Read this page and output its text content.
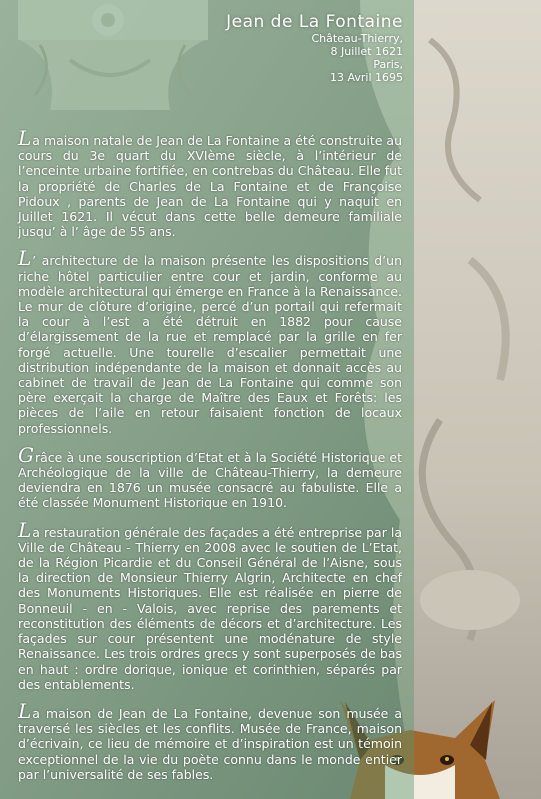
Jean de La Fontaine
Château-Thierry,
8 Juillet 1621
Paris,
13 Avril 1695

La maison natale de Jean de La Fontaine a été construite au cours du 3e quart du XVIème siècle, à l’intérieur de l’enceinte urbaine fortifiée, en contrebas du Château. Elle fut la propriété de Charles de La Fontaine et de Françoise Pidoux , parents de Jean de La Fontaine qui y naquit en Juillet 1621. Il vécut dans cette belle demeure familiale jusqu’ à l’ âge de 55 ans.

L’ architecture de la maison présente les dispositions d’un riche hôtel particulier entre cour et jardin, conforme au modèle architectural qui émerge en France à la Renaissance. Le mur de clôture d’origine, percé d’un portail qui refermait la cour à l’est a été détruit en 1882 pour cause d’élargissement de la rue et remplacé par la grille en fer forgé actuelle. Une tourelle d’escalier permettait une distribution indépendante de la maison et donnait accès au cabinet de travail de Jean de La Fontaine qui comme son père exerçait la charge de Maître des Eaux et Forêts: les pièces de l’aile en retour faisaient fonction de locaux professionnels.

Grâce à une souscription d’Etat et à la Société Historique et Archéologique de la ville de Château-Thierry, la demeure deviendra en 1876 un musée consacré au fabuliste. Elle a été classée Monument Historique en 1910.

La restauration générale des façades a été entreprise par la Ville de Château - Thierry en 2008 avec le soutien de L’Etat, de la Région Picardie et du Conseil Général de l’Aisne, sous la direction de Monsieur Thierry Algrin, Architecte en chef des Monuments Historiques. Elle est réalisée en pierre de Bonneuil - en - Valois, avec reprise des parements et reconstitution des éléments de décors et d’architecture. Les façades sur cour présentent une modénature de style Renaissance. Les trois ordres grecs y sont superposés de bas en haut : ordre dorique, ionique et corinthien, séparés par des entablements.

La maison de Jean de La Fontaine, devenue son musée a traversé les siècles et les conflits. Musée de France, maison d’écrivain, ce lieu de mémoire et d’inspiration est un témoin exceptionnel de la vie du poète connu dans le monde entier par l’universalité de ses fables.
